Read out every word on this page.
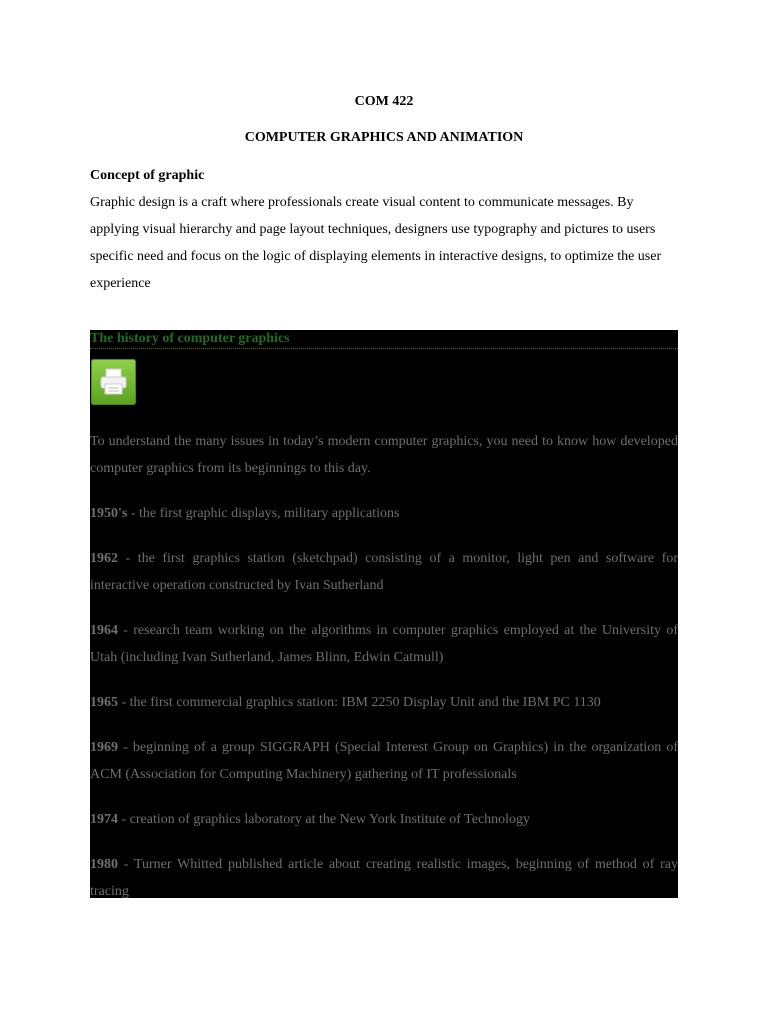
COM 422
COMPUTER GRAPHICS AND ANIMATION
Concept of graphic

Graphic design is a craft where professionals create visual content to communicate messages. By applying visual hierarchy and page layout techniques, designers use typography and pictures to users specific need and focus on the logic of displaying elements in interactive designs, to optimize the user experience

The history of computer graphics

To understand the many issues in today’s modern computer graphics, you need to know how developed computer graphics from its beginnings to this day.

1950's - the first graphic displays, military applications

1962 - the first graphics station (sketchpad) consisting of a monitor, light pen and software for interactive operation constructed by Ivan Sutherland

1964 - research team working on the algorithms in computer graphics employed at the University of Utah (including Ivan Sutherland, James Blinn, Edwin Catmull)

1965 - the first commercial graphics station: IBM 2250 Display Unit and the IBM PC 1130

1969 - beginning of a group SIGGRAPH (Special Interest Group on Graphics) in the organization of ACM (Association for Computing Machinery) gathering of IT professionals

1974 - creation of graphics laboratory at the New York Institute of Technology

1980 - Turner Whitted published article about creating realistic images, beginning of method of ray tracing
